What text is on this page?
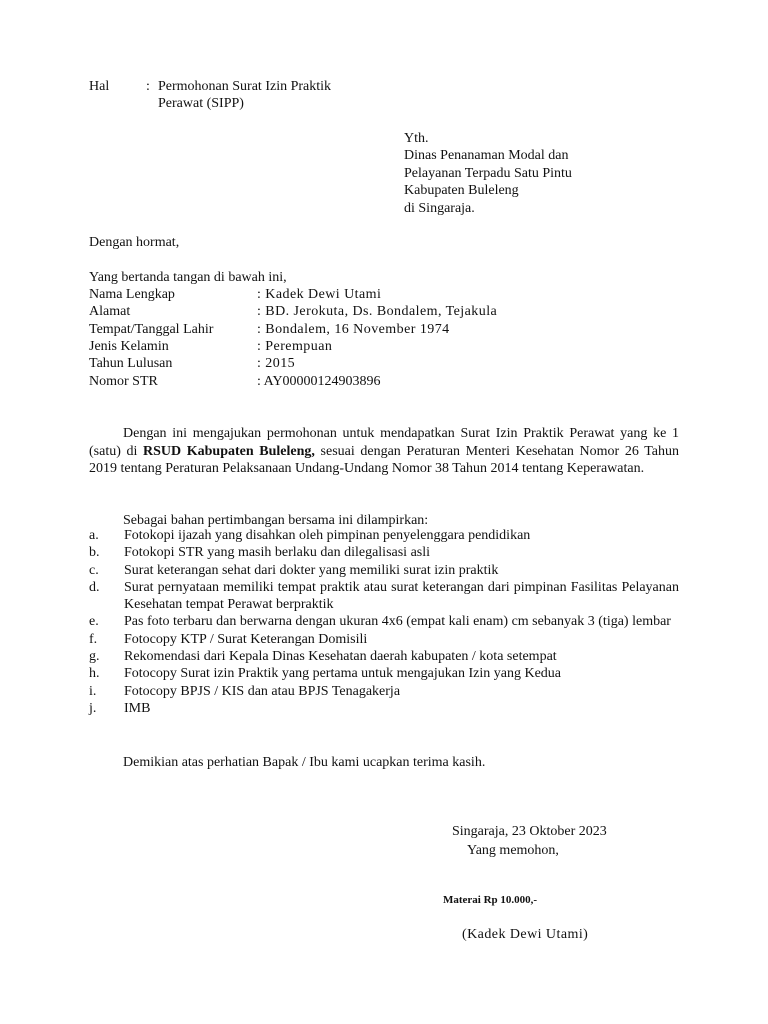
Hal	: Permohonan Surat Izin Praktik
Perawat (SIPP)
Yth.
Dinas Penanaman Modal dan
Pelayanan Terpadu Satu Pintu
Kabupaten Buleleng
di Singaraja.
Dengan hormat,
Yang bertanda tangan di bawah ini,
Nama Lengkap	: Kadek Dewi Utami
Alamat	: BD. Jerokuta, Ds. Bondalem, Tejakula
Tempat/Tanggal Lahir	: Bondalem, 16 November 1974
Jenis Kelamin	: Perempuan
Tahun Lulusan	: 2015
Nomor STR	: AY00000124903896
Dengan ini mengajukan permohonan untuk mendapatkan Surat Izin Praktik Perawat yang ke 1 (satu) di RSUD Kabupaten Buleleng, sesuai dengan Peraturan Menteri Kesehatan Nomor 26 Tahun 2019 tentang Peraturan Pelaksanaan Undang-Undang Nomor 38 Tahun 2014 tentang Keperawatan.
Sebagai bahan pertimbangan bersama ini dilampirkan:
a. Fotokopi ijazah yang disahkan oleh pimpinan penyelenggara pendidikan
b. Fotokopi STR yang masih berlaku dan dilegalisasi asli
c. Surat keterangan sehat dari dokter yang memiliki surat izin praktik
d. Surat pernyataan memiliki tempat praktik atau surat keterangan dari pimpinan Fasilitas Pelayanan Kesehatan tempat Perawat berpraktik
e. Pas foto terbaru dan berwarna dengan ukuran 4x6 (empat kali enam) cm sebanyak 3 (tiga) lembar
f. Fotocopy KTP / Surat Keterangan Domisili
g. Rekomendasi dari Kepala Dinas Kesehatan daerah kabupaten / kota setempat
h. Fotocopy Surat izin Praktik yang pertama untuk mengajukan Izin yang Kedua
i. Fotocopy BPJS / KIS dan atau BPJS Tenagakerja
j. IMB
Demikian atas perhatian Bapak / Ibu kami ucapkan terima kasih.
Singaraja, 23 Oktober 2023
Yang memohon,
Materai Rp 10.000,-
(Kadek Dewi Utami)
